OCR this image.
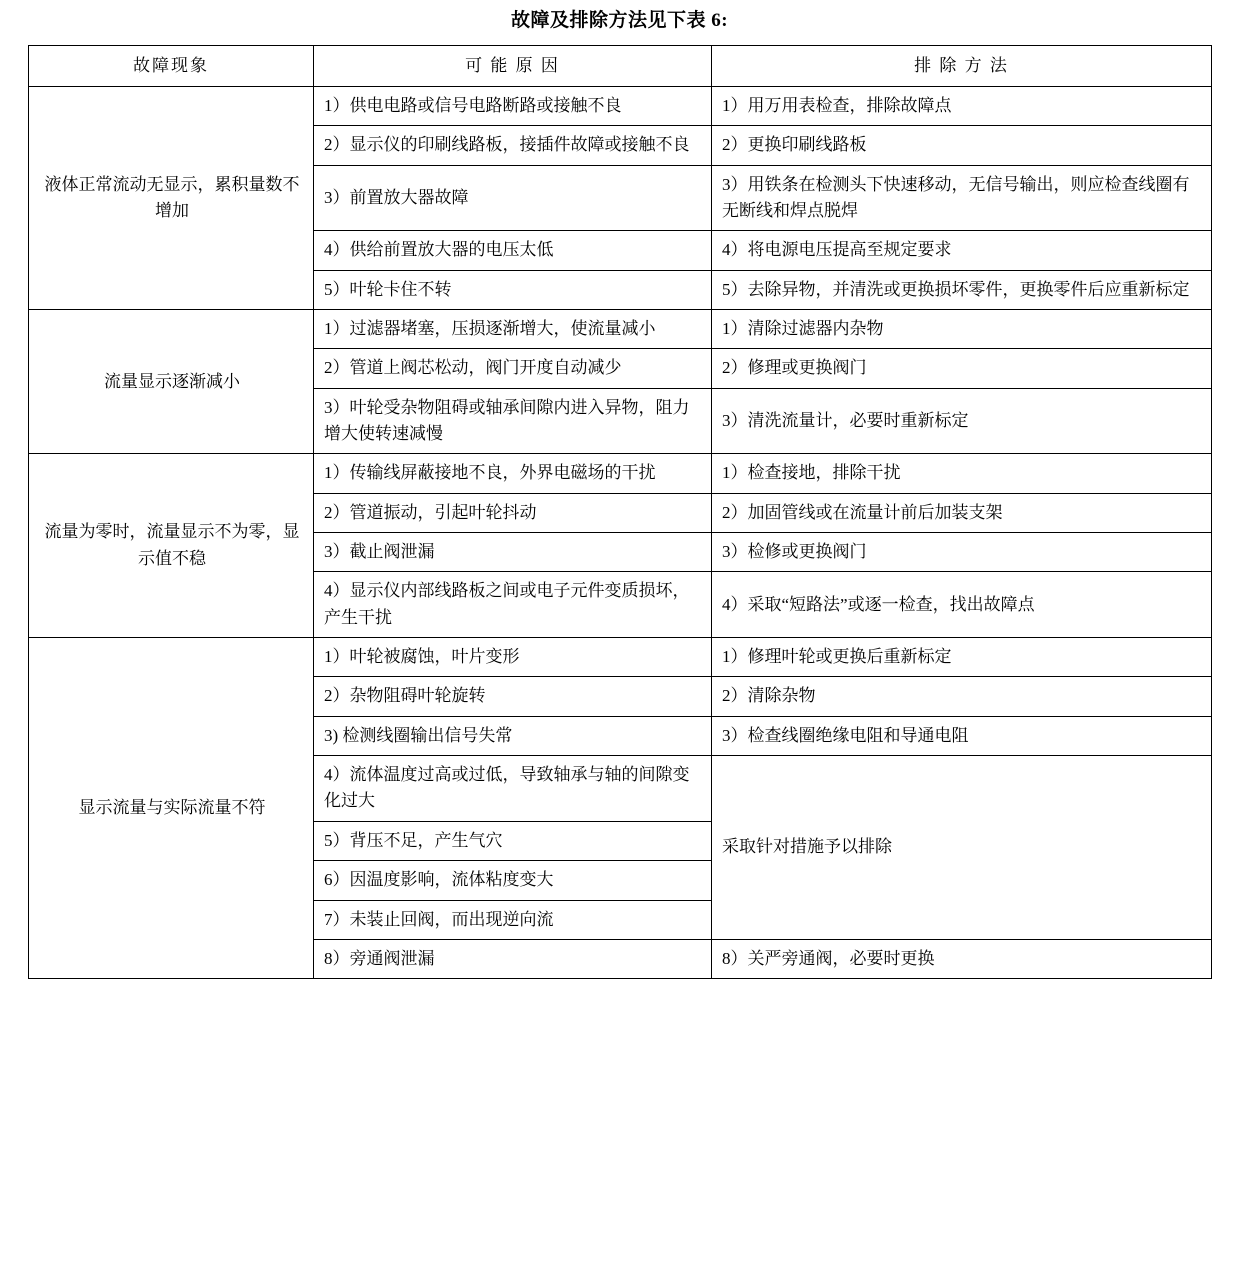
故障及排除方法见下表 6:
故障现象	可 能 原 因	排 除 方 法
液体正常流动无显示，累积量数不增加	1）供电电路或信号电路断路或接触不良	1）用万用表检查，排除故障点
	2）显示仪的印刷线路板，接插件故障或接触不良	2）更换印刷线路板
	3）前置放大器故障	3）用铁条在检测头下快速移动，无信号输出，则应检查线圈有无断线和焊点脱焊
	4）供给前置放大器的电压太低	4）将电源电压提高至规定要求
	5）叶轮卡住不转	5）去除异物，并清洗或更换损坏零件，更换零件后应重新标定
流量显示逐渐减小	1）过滤器堵塞，压损逐渐增大，使流量减小	1）清除过滤器内杂物
	2）管道上阀芯松动，阀门开度自动减少	2）修理或更换阀门
	3）叶轮受杂物阻碍或轴承间隙内进入异物，阻力增大使转速减慢	3）清洗流量计，必要时重新标定
流量为零时，流量显示不为零，显示值不稳	1）传输线屏蔽接地不良，外界电磁场的干扰	1）检查接地，排除干扰
	2）管道振动，引起叶轮抖动	2）加固管线或在流量计前后加装支架
	3）截止阀泄漏	3）检修或更换阀门
	4）显示仪内部线路板之间或电子元件变质损坏，产生干扰	4）采取“短路法”或逐一检查，找出故障点
显示流量与实际流量不符	1）叶轮被腐蚀，叶片变形	1）修理叶轮或更换后重新标定
	2）杂物阻碍叶轮旋转	2）清除杂物
	3) 检测线圈输出信号失常	3）检查线圈绝缘电阻和导通电阻
	4）流体温度过高或过低，导致轴承与轴的间隙变化过大	采取针对措施予以排除
	5）背压不足，产生气穴	
	6）因温度影响，流体粘度变大	
	7）未装止回阀，而出现逆向流	
	8）旁通阀泄漏	8）关严旁通阀，必要时更换
